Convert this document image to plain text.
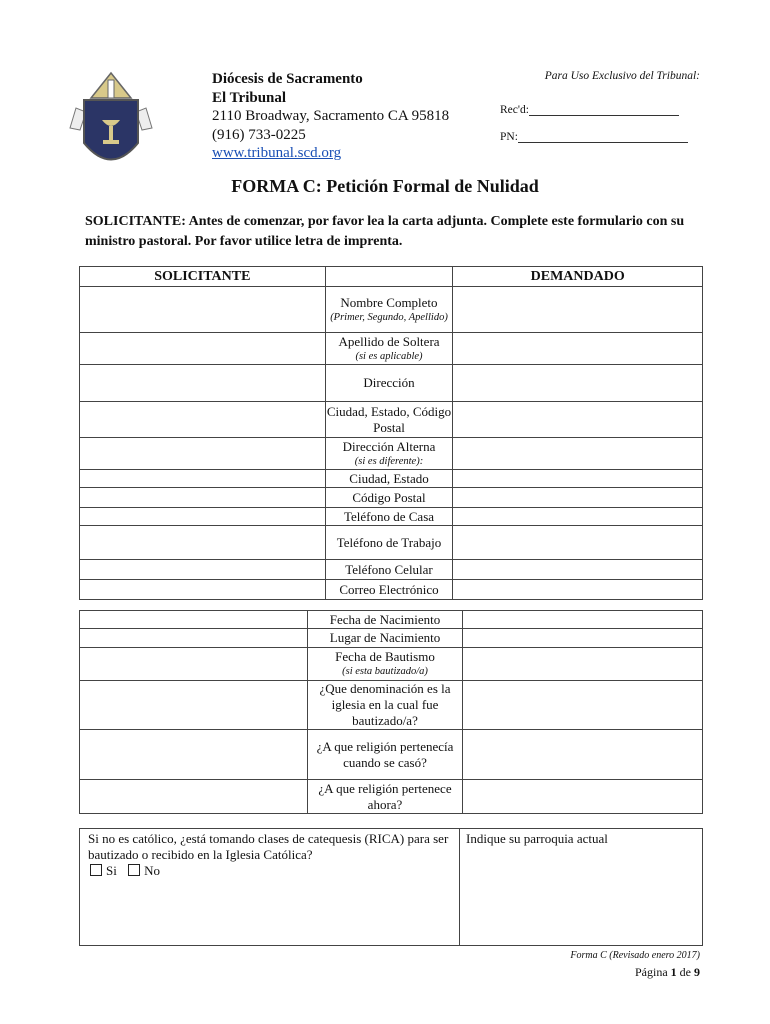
Diócesis de Sacramento
El Tribunal
2110 Broadway, Sacramento CA 95818
(916) 733-0225
www.tribunal.scd.org
Para Uso Exclusivo del Tribunal:
Rec'd:
PN:
FORMA C: Petición Formal de Nulidad
SOLICITANTE: Antes de comenzar, por favor lea la carta adjunta. Complete este formulario con su ministro pastoral. Por favor utilice letra de imprenta.
SOLICITANTE		DEMANDADO
	Nombre Completo
(Primer, Segundo, Apellido)	

	Apellido de Soltera
(si es aplicable)	

	Dirección	
	Ciudad, Estado, Código Postal	
	Dirección Alterna
(si es diferente):	

	Ciudad, Estado	
	Código Postal	
	Teléfono de Casa	
	Teléfono de Trabajo	
	Teléfono Celular	
	Correo Electrónico	
	Fecha de Nacimiento	
	Lugar de Nacimiento	
	Fecha de Bautismo
(si esta bautizado/a)	

	¿Que denominación es la iglesia en la cual fue bautizado/a?	
	¿A que religión pertenecía cuando se casó?	
	¿A que religión pertenece ahora?	
Si no es católico, ¿está tomando clases de catequesis (RICA) para ser bautizado o recibido en la Iglesia Católica?
Si No
Indique su parroquia actual
Forma C (Revisado enero 2017)
Página 1 de 9
